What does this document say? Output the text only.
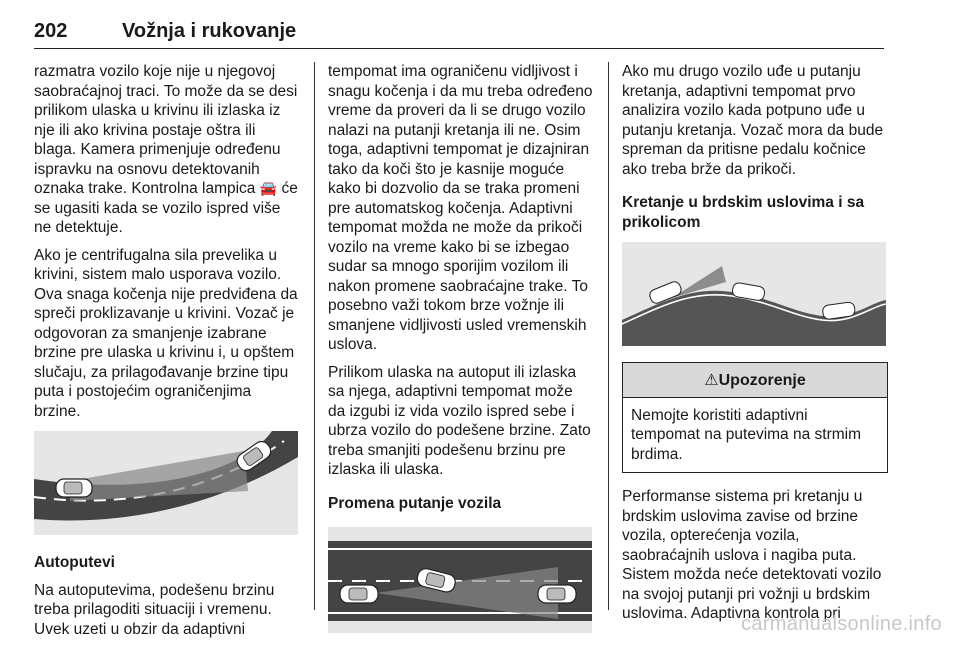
202	Vožnja i rukovanje

razmatra vozilo koje nije u njegovoj saobraćajnoj traci. To može da se desi prilikom ulaska u krivinu ili izlaska iz nje ili ako krivina postaje oštra ili blaga. Kamera primenjuje određenu ispravku na osnovu detektovanih oznaka trake. Kontrolna lampica 🚘 će se ugasiti kada se vozilo ispred više ne detektuje.

Ako je centrifugalna sila prevelika u krivini, sistem malo usporava vozilo. Ova snaga kočenja nije predviđena da spreči proklizavanje u krivini. Vozač je odgovoran za smanjenje izabrane brzine pre ulaska u krivinu i, u opštem slučaju, za prilagođavanje brzine tipu puta i postojećim ograničenjima brzine.

Autoputevi

Na autoputevima, podešenu brzinu treba prilagoditi situaciji i vremenu. Uvek uzeti u obzir da adaptivni

tempomat ima ograničenu vidljivost i snagu kočenja i da mu treba određeno vreme da proveri da li se drugo vozilo nalazi na putanji kretanja ili ne. Osim toga, adaptivni tempomat je dizajniran tako da koči što je kasnije moguće kako bi dozvolio da se traka promeni pre automatskog kočenja. Adaptivni tempomat možda ne može da prikoči vozilo na vreme kako bi se izbegao sudar sa mnogo sporijim vozilom ili nakon promene saobraćajne trake. To posebno važi tokom brze vožnje ili smanjene vidljivosti usled vremenskih uslova.

Prilikom ulaska na autoput ili izlaska sa njega, adaptivni tempomat može da izgubi iz vida vozilo ispred sebe i ubrza vozilo do podešene brzine. Zato treba smanjiti podešenu brzinu pre izlaska ili ulaska.

Promena putanje vozila

Ako mu drugo vozilo uđe u putanju kretanja, adaptivni tempomat prvo analizira vozilo kada potpuno uđe u putanju kretanja. Vozač mora da bude spreman da pritisne pedalu kočnice ako treba brže da prikoči.

Kretanje u brdskim uslovima i sa prikolicom

⚠Upozorenje
Nemojte koristiti adaptivni tempomat na putevima na strmim brdima.

Performanse sistema pri kretanju u brdskim uslovima zavise od brzine vozila, opterećenja vozila, saobraćajnih uslova i nagiba puta. Sistem možda neće detektovati vozilo na svojoj putanji pri vožnji u brdskim uslovima. Adaptivna kontrola pri

carmanualsonline.info
